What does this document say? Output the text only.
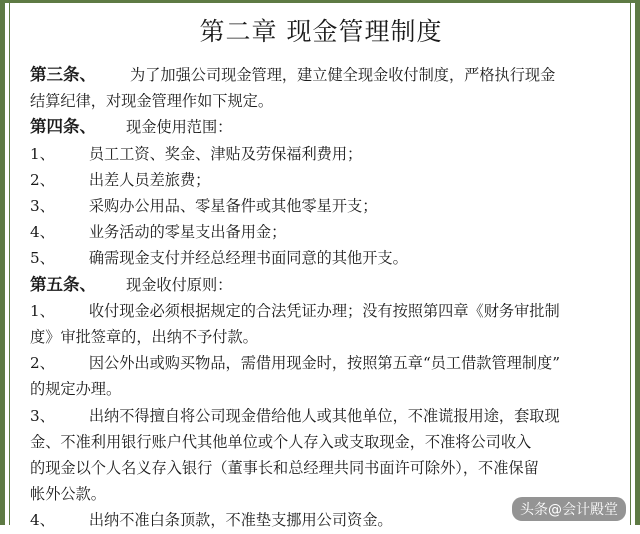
第二章 现金管理制度
第三条、 为了加强公司现金管理，建立健全现金收付制度，严格执行现金
结算纪律，对现金管理作如下规定。
第四条、 现金使用范围：
1、 员工工资、奖金、津贴及劳保福利费用；
2、 出差人员差旅费；
3、 采购办公用品、零星备件或其他零星开支；
4、 业务活动的零星支出备用金；
5、 确需现金支付并经总经理书面同意的其他开支。
第五条、 现金收付原则：
1、 收付现金必须根据规定的合法凭证办理；没有按照第四章《财务审批制
度》审批签章的，出纳不予付款。
2、 因公外出或购买物品，需借用现金时，按照第五章“员工借款管理制度”
的规定办理。
3、 出纳不得擅自将公司现金借给他人或其他单位，不准谎报用途，套取现
金、不准利用银行账户代其他单位或个人存入或支取现金，不准将公司收入
的现金以个人名义存入银行（董事长和总经理共同书面许可除外），不准保留
帐外公款。
4、 出纳不准白条顶款，不准垫支挪用公司资金。
头条@会计殿堂
